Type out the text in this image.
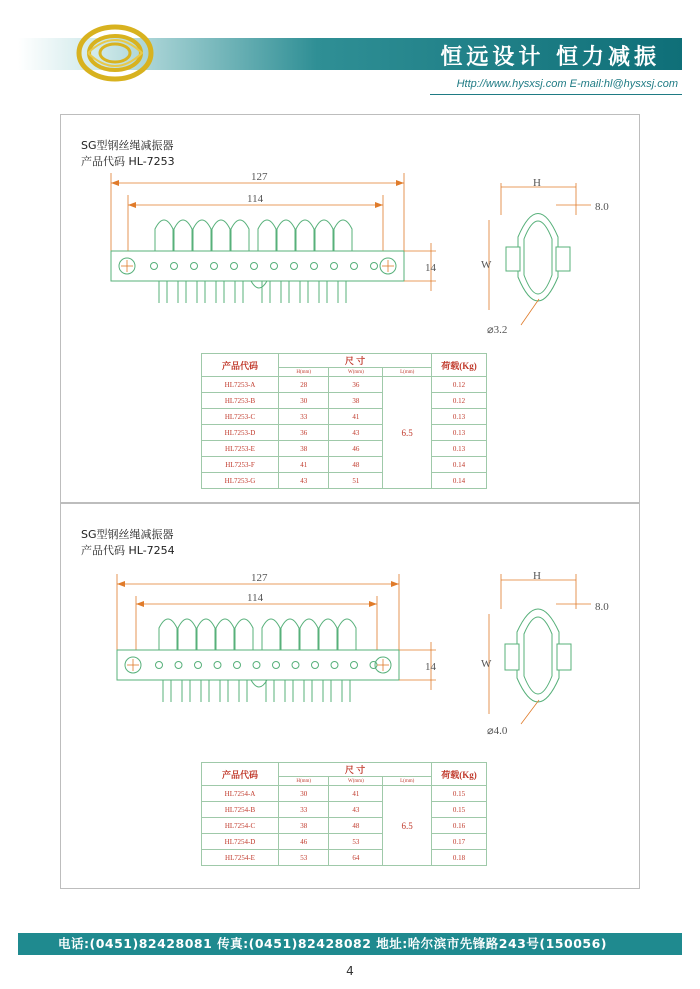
恒远设计 恒力减振
Http://www.hysxsj.com E-mail:hl@hysxsj.com
SG型钢丝绳减振器
产品代码 HL-7253
127
114
14
H
8.0
W
⌀3.2
产品代码	尺 寸			荷载(Kg)
	H(mm)	W(mm)	L(mm)	
HL7253-A	28	36	6.5	0.12
HL7253-B	30	38		0.12
HL7253-C	33	41		0.13
HL7253-D	36	43		0.13
HL7253-E	38	46		0.13
HL7253-F	41	48		0.14
HL7253-G	43	51		0.14
SG型钢丝绳减振器
产品代码 HL-7254
127
114
14
H
8.0
W
⌀4.0
产品代码	尺 寸			荷载(Kg)
	H(mm)	W(mm)	L(mm)	
HL7254-A	30	41	6.5	0.15
HL7254-B	33	43		0.15
HL7254-C	38	48		0.16
HL7254-D	46	53		0.17
HL7254-E	53	64		0.18
电话:(0451)82428081 传真:(0451)82428082 地址:哈尔滨市先锋路243号(150056)
4
